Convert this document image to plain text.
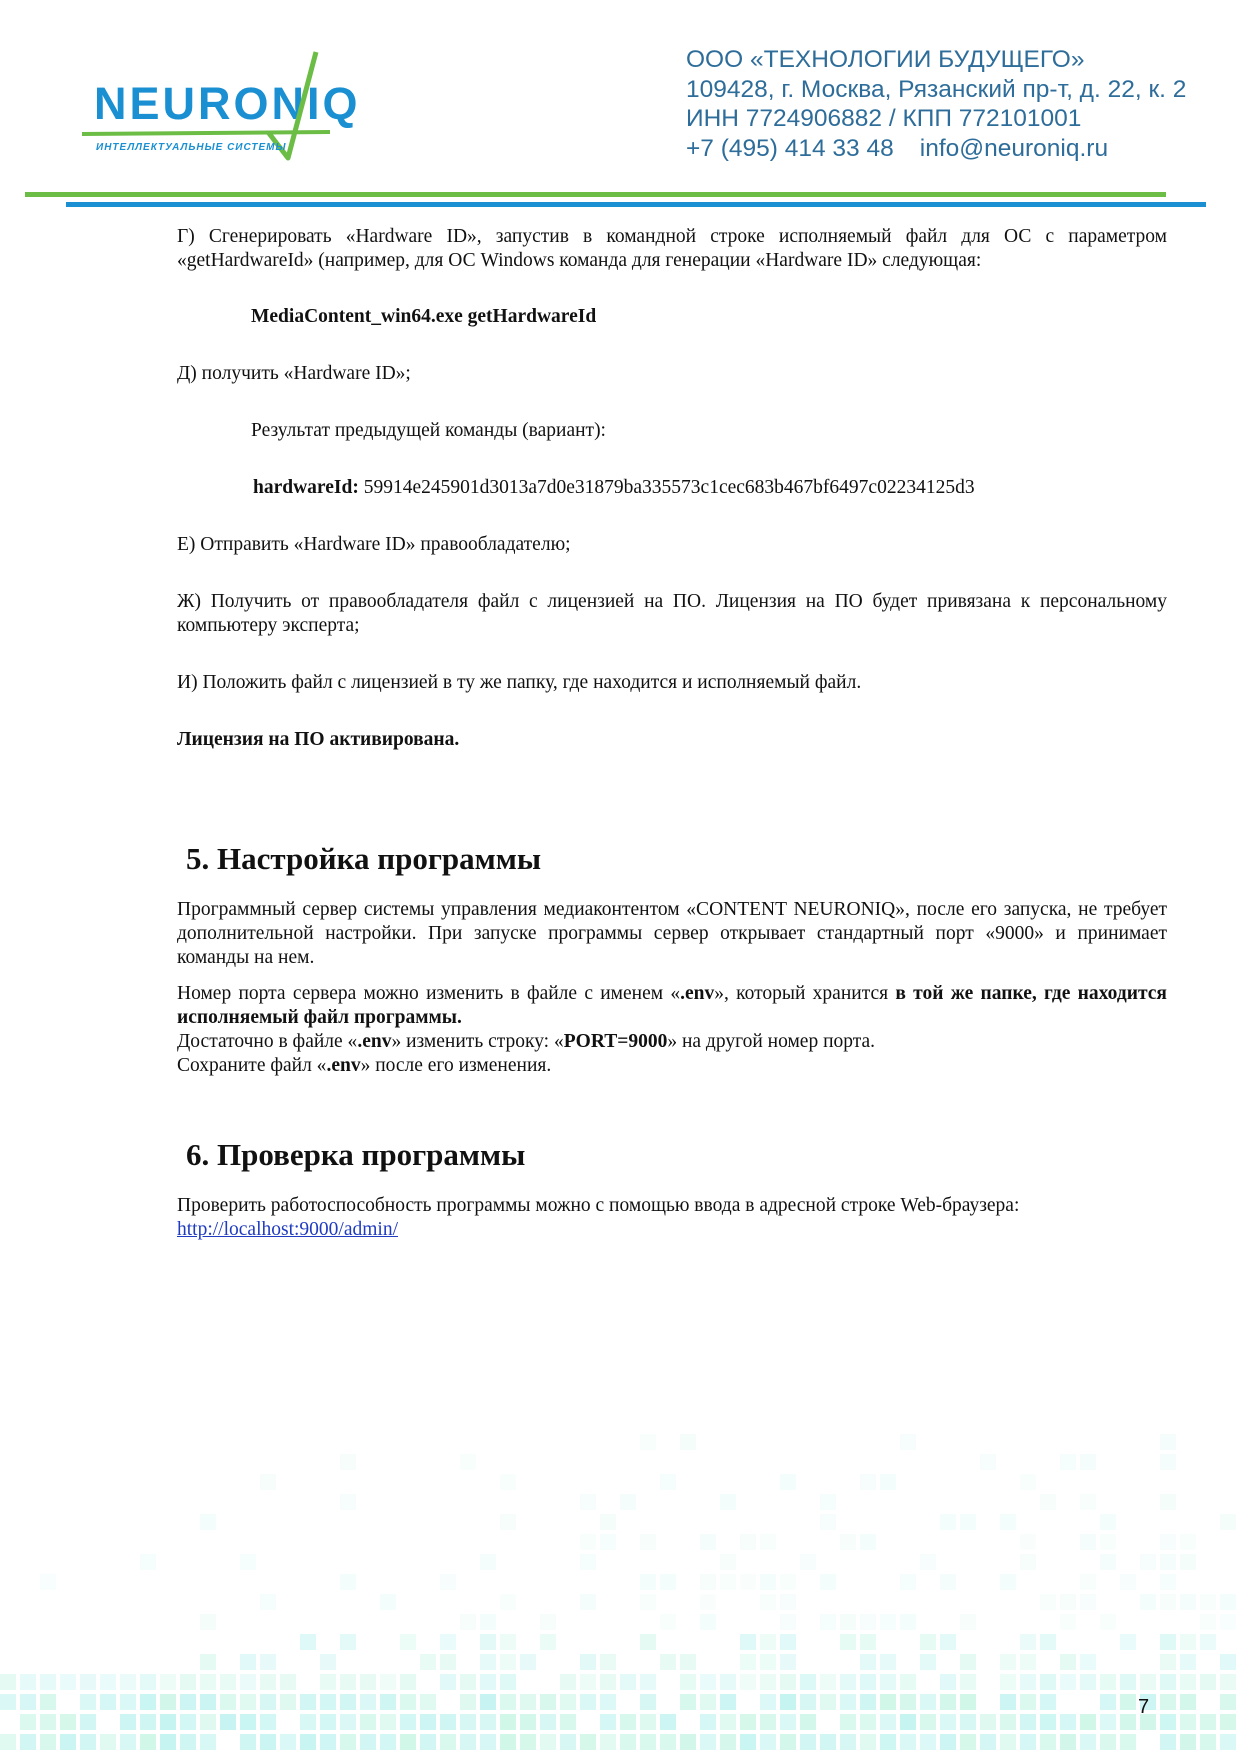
NEURONIQ
ИНТЕЛЛЕКТУАЛЬНЫЕ СИСТЕМЫ
ООО «ТЕХНОЛОГИИ БУДУЩЕГО»
109428, г. Москва, Рязанский пр-т, д. 22, к. 2
ИНН 7724906882 / КПП 772101001
+7 (495) 414 33 48 info@neuroniq.ru

Г) Сгенерировать «Hardware ID», запустив в командной строке исполняемый файл для ОС с параметром «getHardwareId» (например, для ОС Windows команда для генерации «Hardware ID» следующая:

MediaContent_win64.exe getHardwareId

Д) получить «Hardware ID»;

Результат предыдущей команды (вариант):

hardwareId: 59914e245901d3013a7d0e31879ba335573c1cec683b467bf6497c02234125d3

Е) Отправить «Hardware ID» правообладателю;

Ж) Получить от правообладателя файл с лицензией на ПО. Лицензия на ПО будет привязана к персональному компьютеру эксперта;

И) Положить файл с лицензией в ту же папку, где находится и исполняемый файл.

Лицензия на ПО активирована.

5. Настройка программы

Программный сервер системы управления медиаконтентом «CONTENT NEURONIQ», после его запуска, не требует дополнительной настройки. При запуске программы сервер открывает стандартный порт «9000» и принимает команды на нем.

Номер порта сервера можно изменить в файле с именем «.env», который хранится в той же папке, где находится исполняемый файл программы.

Достаточно в файле «.env» изменить строку: «PORT=9000» на другой номер порта.

Сохраните файл «.env» после его изменения.

6. Проверка программы

Проверить работоспособность программы можно с помощью ввода в адресной строке Web-браузера:

http://localhost:9000/admin/

7
